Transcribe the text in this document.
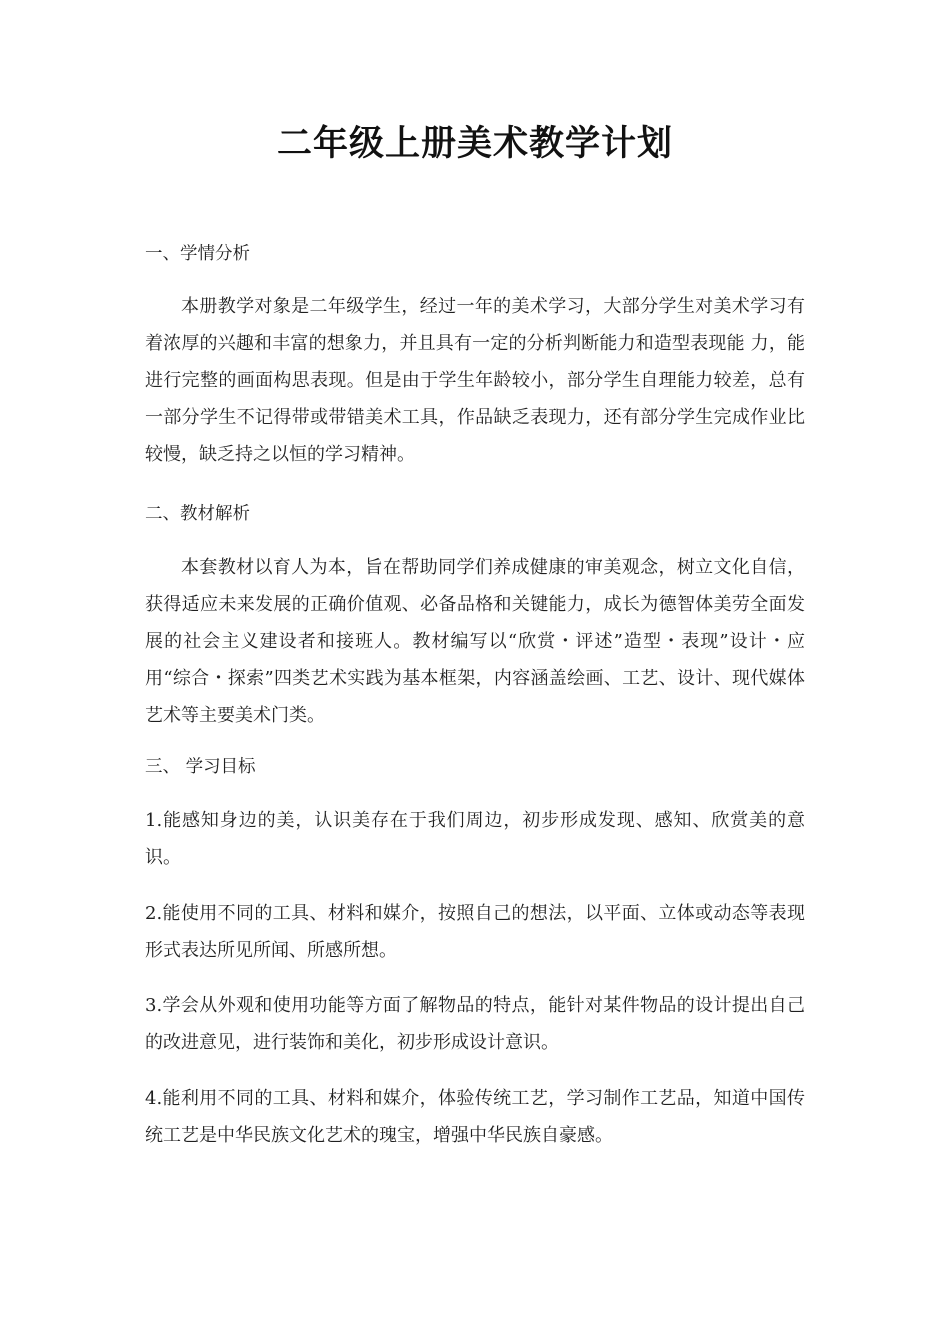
二年级上册美术教学计划
一、学情分析

本册教学对象是二年级学生，经过一年的美术学习，大部分学生对美术学习有着浓厚的兴趣和丰富的想象力，并且具有一定的分析判断能力和造型表现能 力，能进行完整的画面构思表现。但是由于学生年龄较小，部分学生自理能力较差，总有一部分学生不记得带或带错美术工具，作品缺乏表现力，还有部分学生完成作业比较慢，缺乏持之以恒的学习精神。

二、教材解析

本套教材以育人为本，旨在帮助同学们养成健康的审美观念，树立文化自信，获得适应未来发展的正确价值观、必备品格和关键能力，成长为德智体美劳全面发展的社会主义建设者和接班人。教材编写以“欣赏・评述”造型・表现”设计・应用“综合・探索”四类艺术实践为基本框架，内容涵盖绘画、工艺、设计、现代媒体艺术等主要美术门类。

三、 学习目标

1.能感知身边的美，认识美存在于我们周边，初步形成发现、感知、欣赏美的意识。

2.能使用不同的工具、材料和媒介，按照自己的想法，以平面、立体或动态等表现形式表达所见所闻、所感所想。

3.学会从外观和使用功能等方面了解物品的特点，能针对某件物品的设计提出自己的改进意见，进行装饰和美化，初步形成设计意识。

4.能利用不同的工具、材料和媒介，体验传统工艺，学习制作工艺品，知道中国传统工艺是中华民族文化艺术的瑰宝，增强中华民族自豪感。
